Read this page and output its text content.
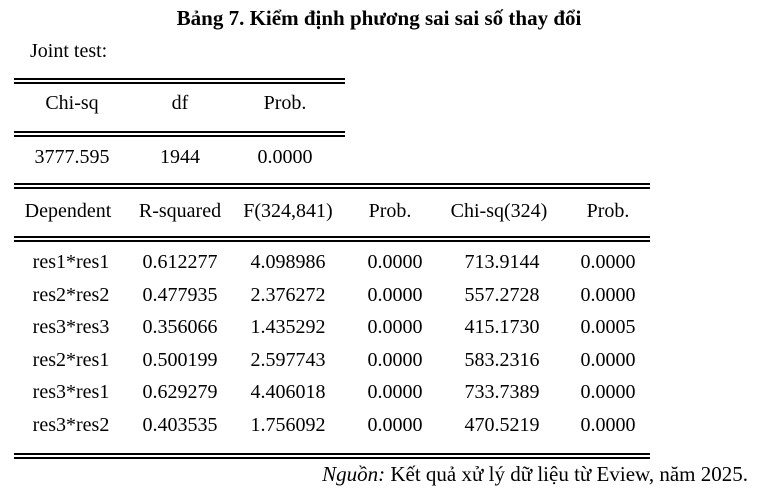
Bảng 7. Kiểm định phương sai sai số thay đổi
Joint test:
Chi-sq	df	Prob.
3777.595	1944	0.0000
Dependent	R-squared	F(324,841)	Prob.	Chi-sq(324)	Prob.
res1*res1	0.612277	4.098986	0.0000	713.9144	0.0000
res2*res2	0.477935	2.376272	0.0000	557.2728	0.0000
res3*res3	0.356066	1.435292	0.0000	415.1730	0.0005
res2*res1	0.500199	2.597743	0.0000	583.2316	0.0000
res3*res1	0.629279	4.406018	0.0000	733.7389	0.0000
res3*res2	0.403535	1.756092	0.0000	470.5219	0.0000
Nguồn: Kết quả xử lý dữ liệu từ Eview, năm 2025.
